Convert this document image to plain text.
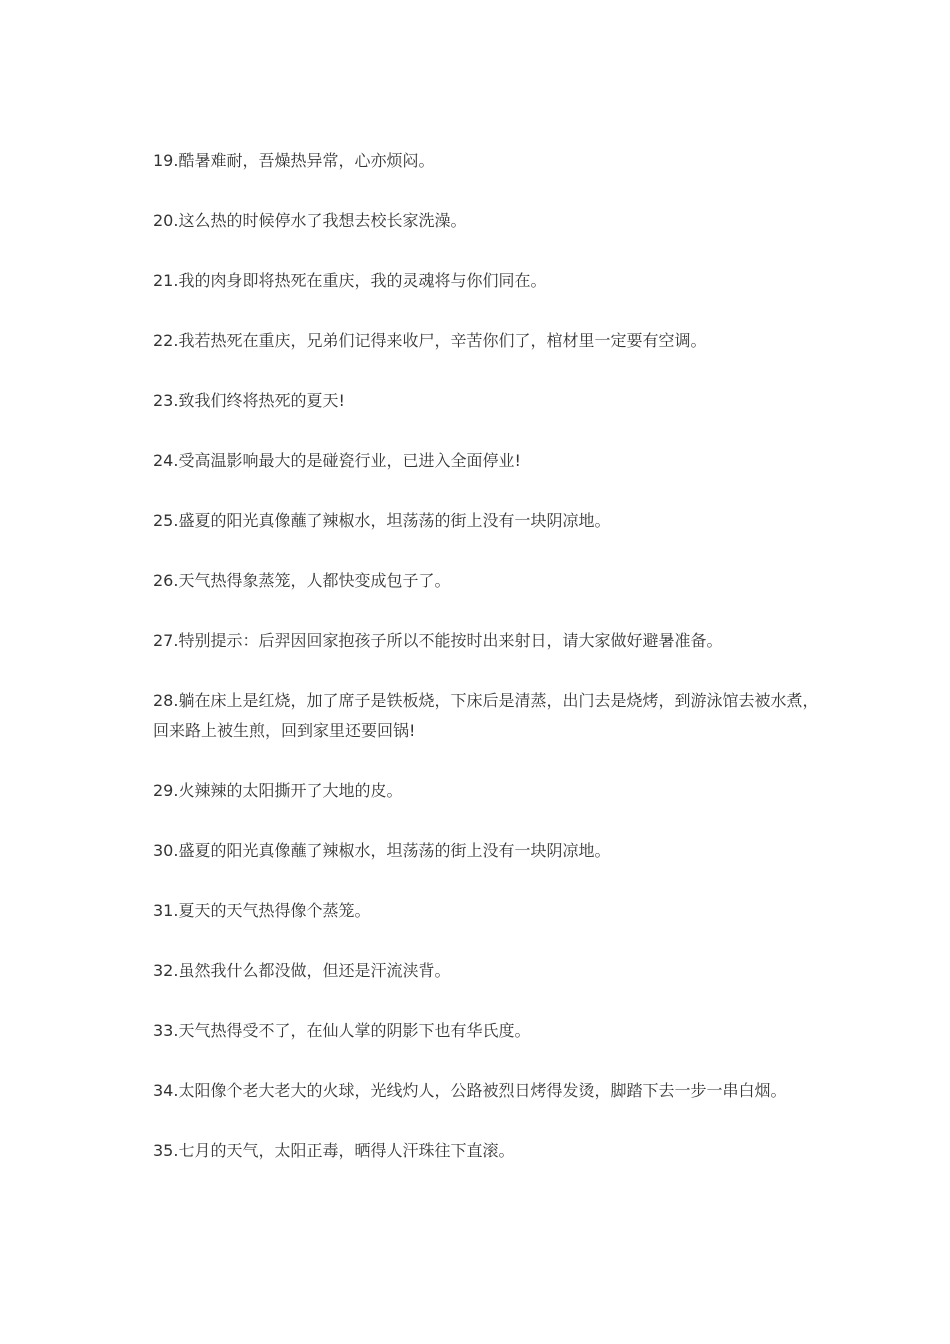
19.酷暑难耐，吾燥热异常，心亦烦闷。
20.这么热的时候停水了我想去校长家洗澡。
21.我的肉身即将热死在重庆，我的灵魂将与你们同在。
22.我若热死在重庆，兄弟们记得来收尸，辛苦你们了，棺材里一定要有空调。
23.致我们终将热死的夏天!
24.受高温影响最大的是碰瓷行业，已进入全面停业!
25.盛夏的阳光真像蘸了辣椒水，坦荡荡的街上没有一块阴凉地。
26.天气热得象蒸笼，人都快变成包子了。
27.特别提示：后羿因回家抱孩子所以不能按时出来射日，请大家做好避暑准备。
28.躺在床上是红烧，加了席子是铁板烧，下床后是清蒸，出门去是烧烤，到游泳馆去被水煮，回来路上被生煎，回到家里还要回锅!
29.火辣辣的太阳撕开了大地的皮。
30.盛夏的阳光真像蘸了辣椒水，坦荡荡的街上没有一块阴凉地。
31.夏天的天气热得像个蒸笼。
32.虽然我什么都没做，但还是汗流浃背。
33.天气热得受不了，在仙人掌的阴影下也有华氏度。
34.太阳像个老大老大的火球，光线灼人，公路被烈日烤得发烫，脚踏下去一步一串白烟。
35.七月的天气，太阳正毒，晒得人汗珠往下直滚。
